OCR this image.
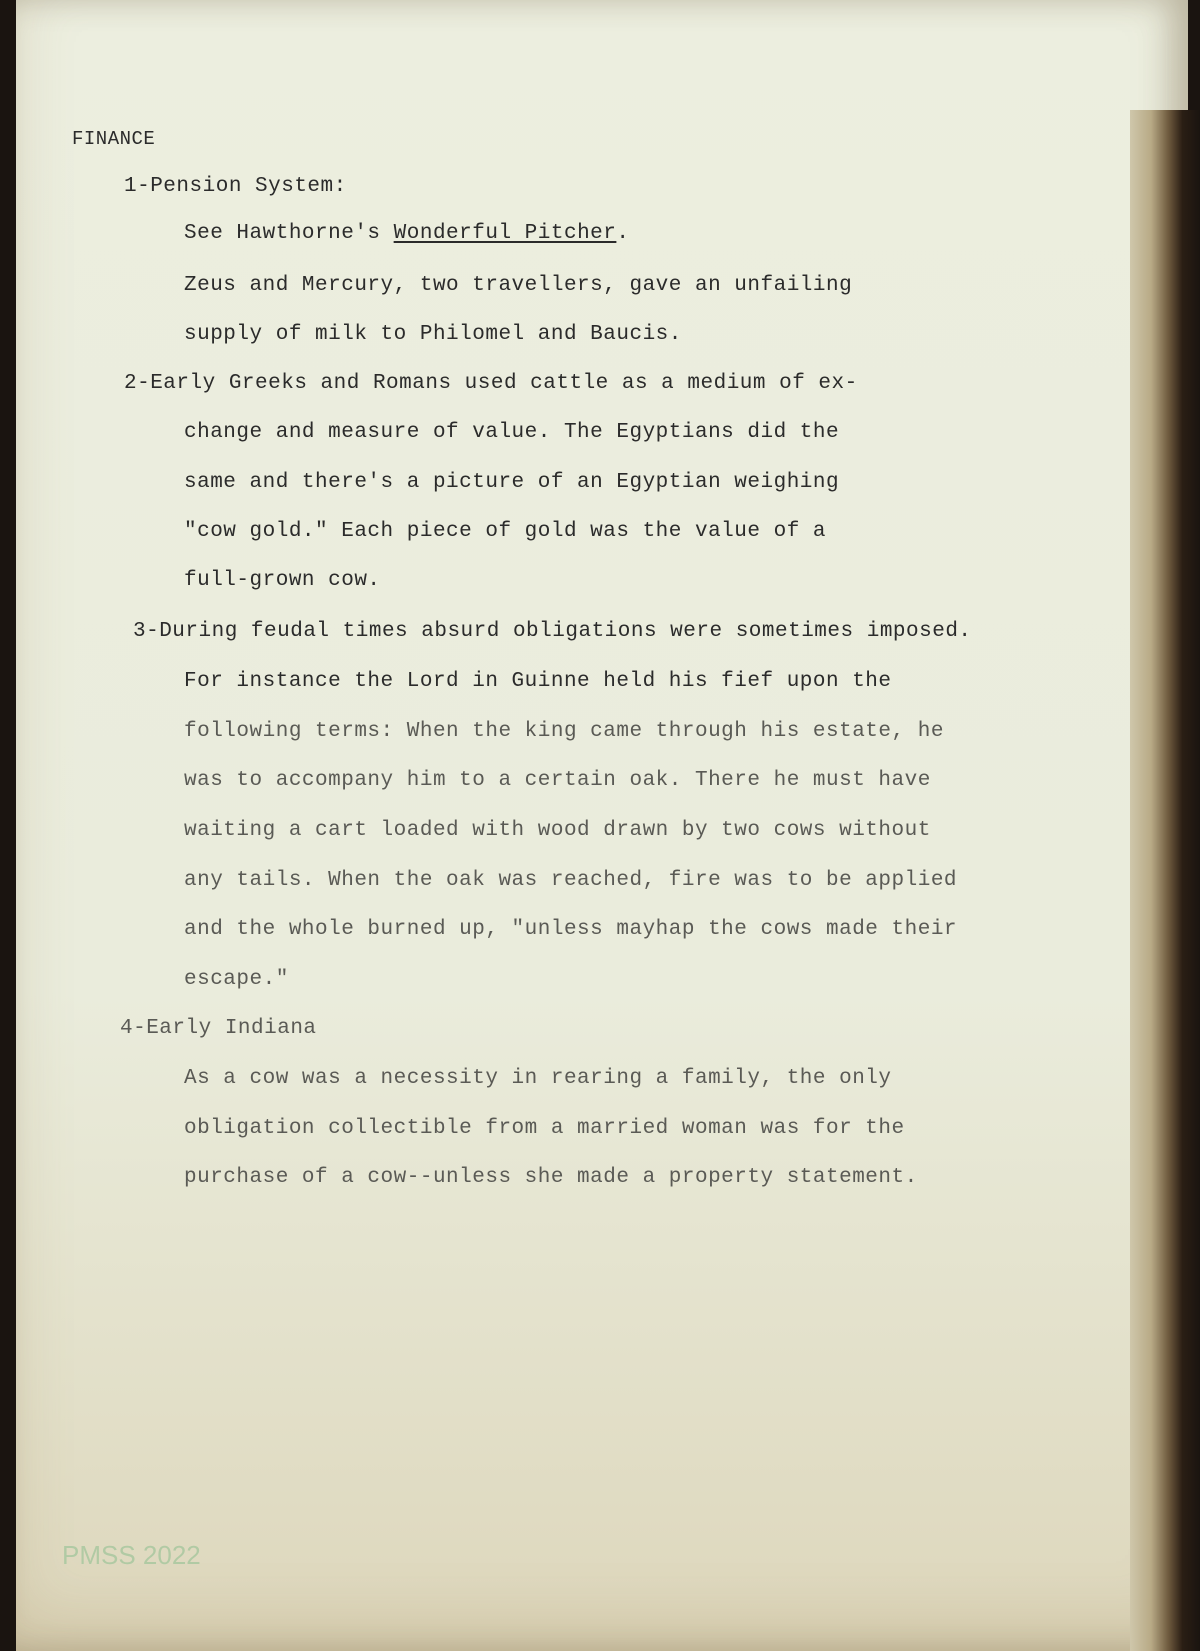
FINANCE
1-Pension System:
See Hawthorne's Wonderful Pitcher.
Zeus and Mercury, two travellers, gave an unfailing
supply of milk to Philomel and Baucis.
2-Early Greeks and Romans used cattle as a medium of ex-
change and measure of value. The Egyptians did the
same and there's a picture of an Egyptian weighing
"cow gold." Each piece of gold was the value of a
full-grown cow.
3-During feudal times absurd obligations were sometimes imposed.
For instance the Lord in Guinne held his fief upon the
following terms: When the king came through his estate, he
was to accompany him to a certain oak. There he must have
waiting a cart loaded with wood drawn by two cows without
any tails. When the oak was reached, fire was to be applied
and the whole burned up, "unless mayhap the cows made their
escape."
4-Early Indiana
As a cow was a necessity in rearing a family, the only
obligation collectible from a married woman was for the
purchase of a cow--unless she made a property statement.
PMSS 2022
